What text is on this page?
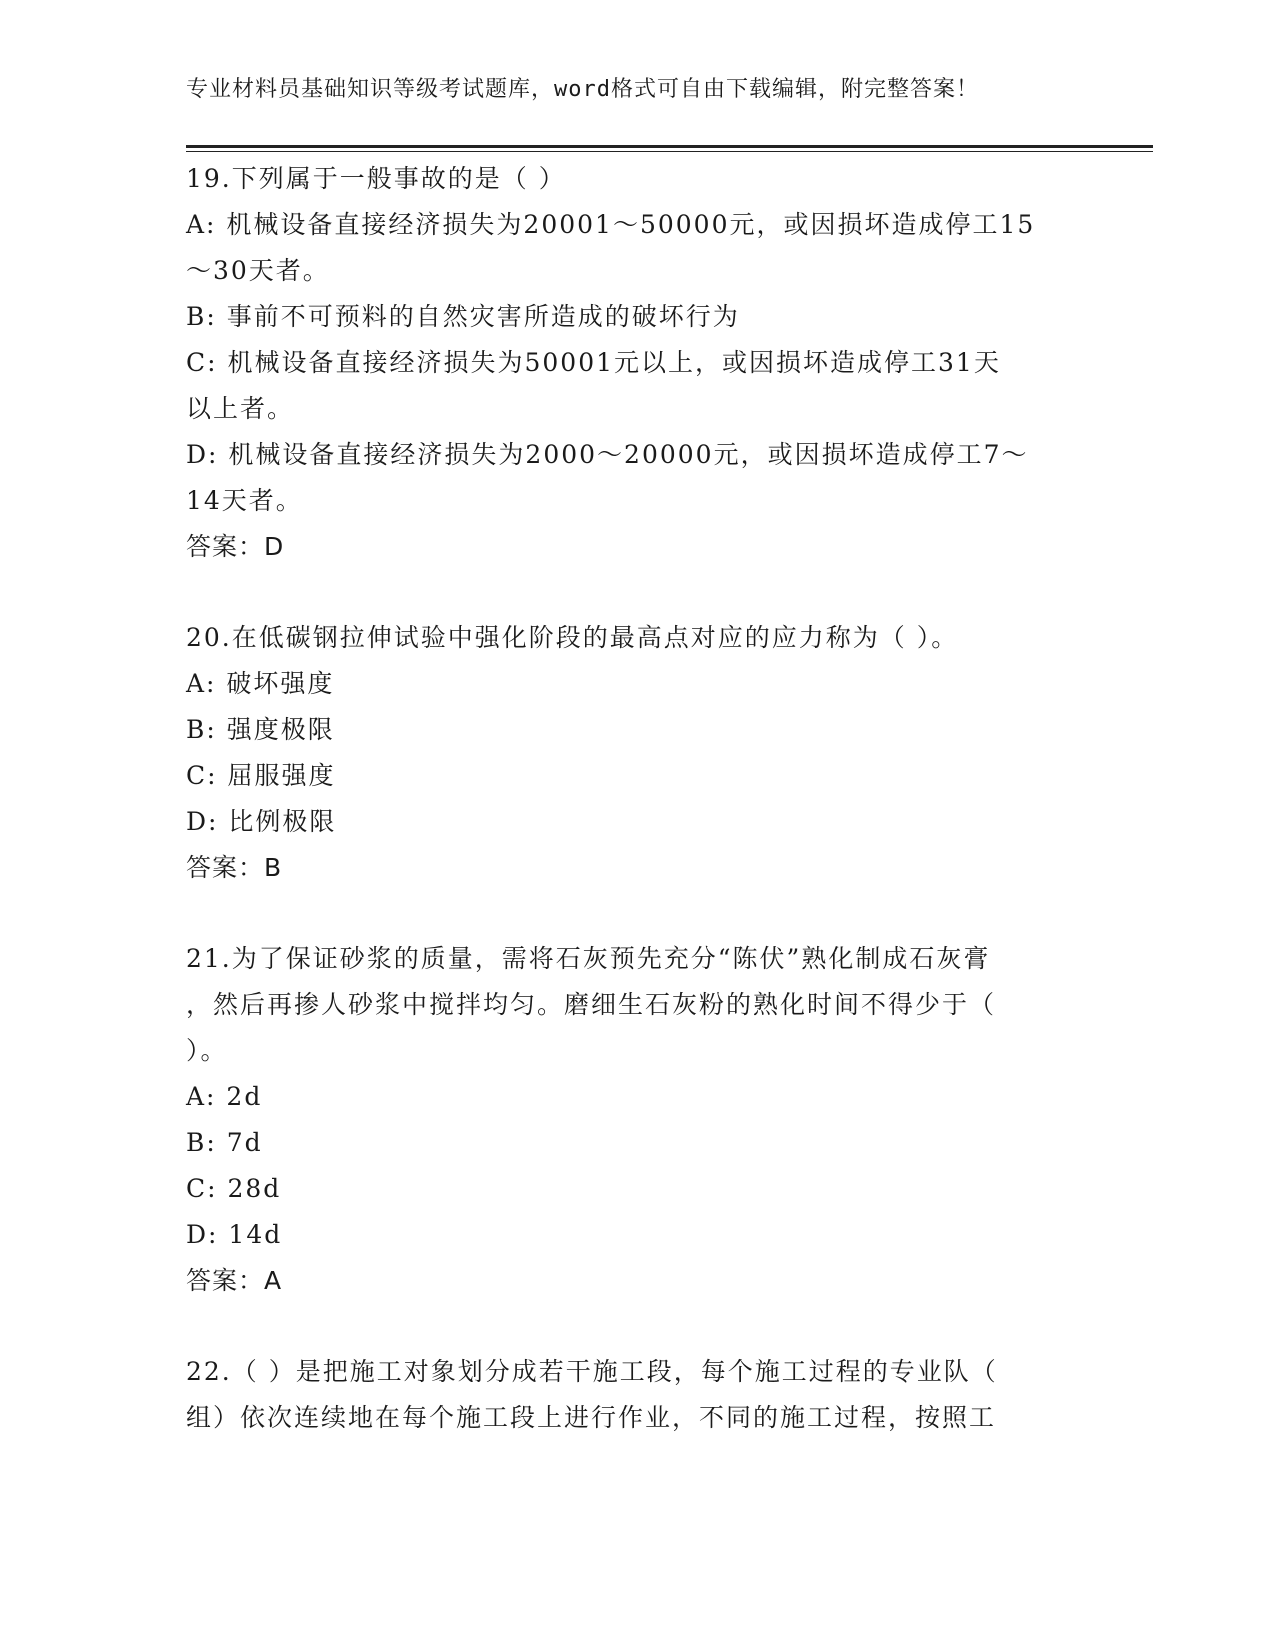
专业材料员基础知识等级考试题库，word格式可自由下载编辑，附完整答案！
19.下列属于一般事故的是（ ）
A: 机械设备直接经济损失为20001～50000元，或因损坏造成停工15
～30天者。
B: 事前不可预料的自然灾害所造成的破坏行为
C: 机械设备直接经济损失为50001元以上，或因损坏造成停工31天
以上者。
D: 机械设备直接经济损失为2000～20000元，或因损坏造成停工7～
14天者。
答案：D
20.在低碳钢拉伸试验中强化阶段的最高点对应的应力称为（ ）。
A: 破坏强度
B: 强度极限
C: 屈服强度
D: 比例极限
答案：B
21.为了保证砂浆的质量，需将石灰预先充分“陈伏”熟化制成石灰膏
，然后再掺人砂浆中搅拌均匀。磨细生石灰粉的熟化时间不得少于（
）。
A: 2d
B: 7d
C: 28d
D: 14d
答案：A
22.（ ）是把施工对象划分成若干施工段，每个施工过程的专业队（
组）依次连续地在每个施工段上进行作业，不同的施工过程，按照工
